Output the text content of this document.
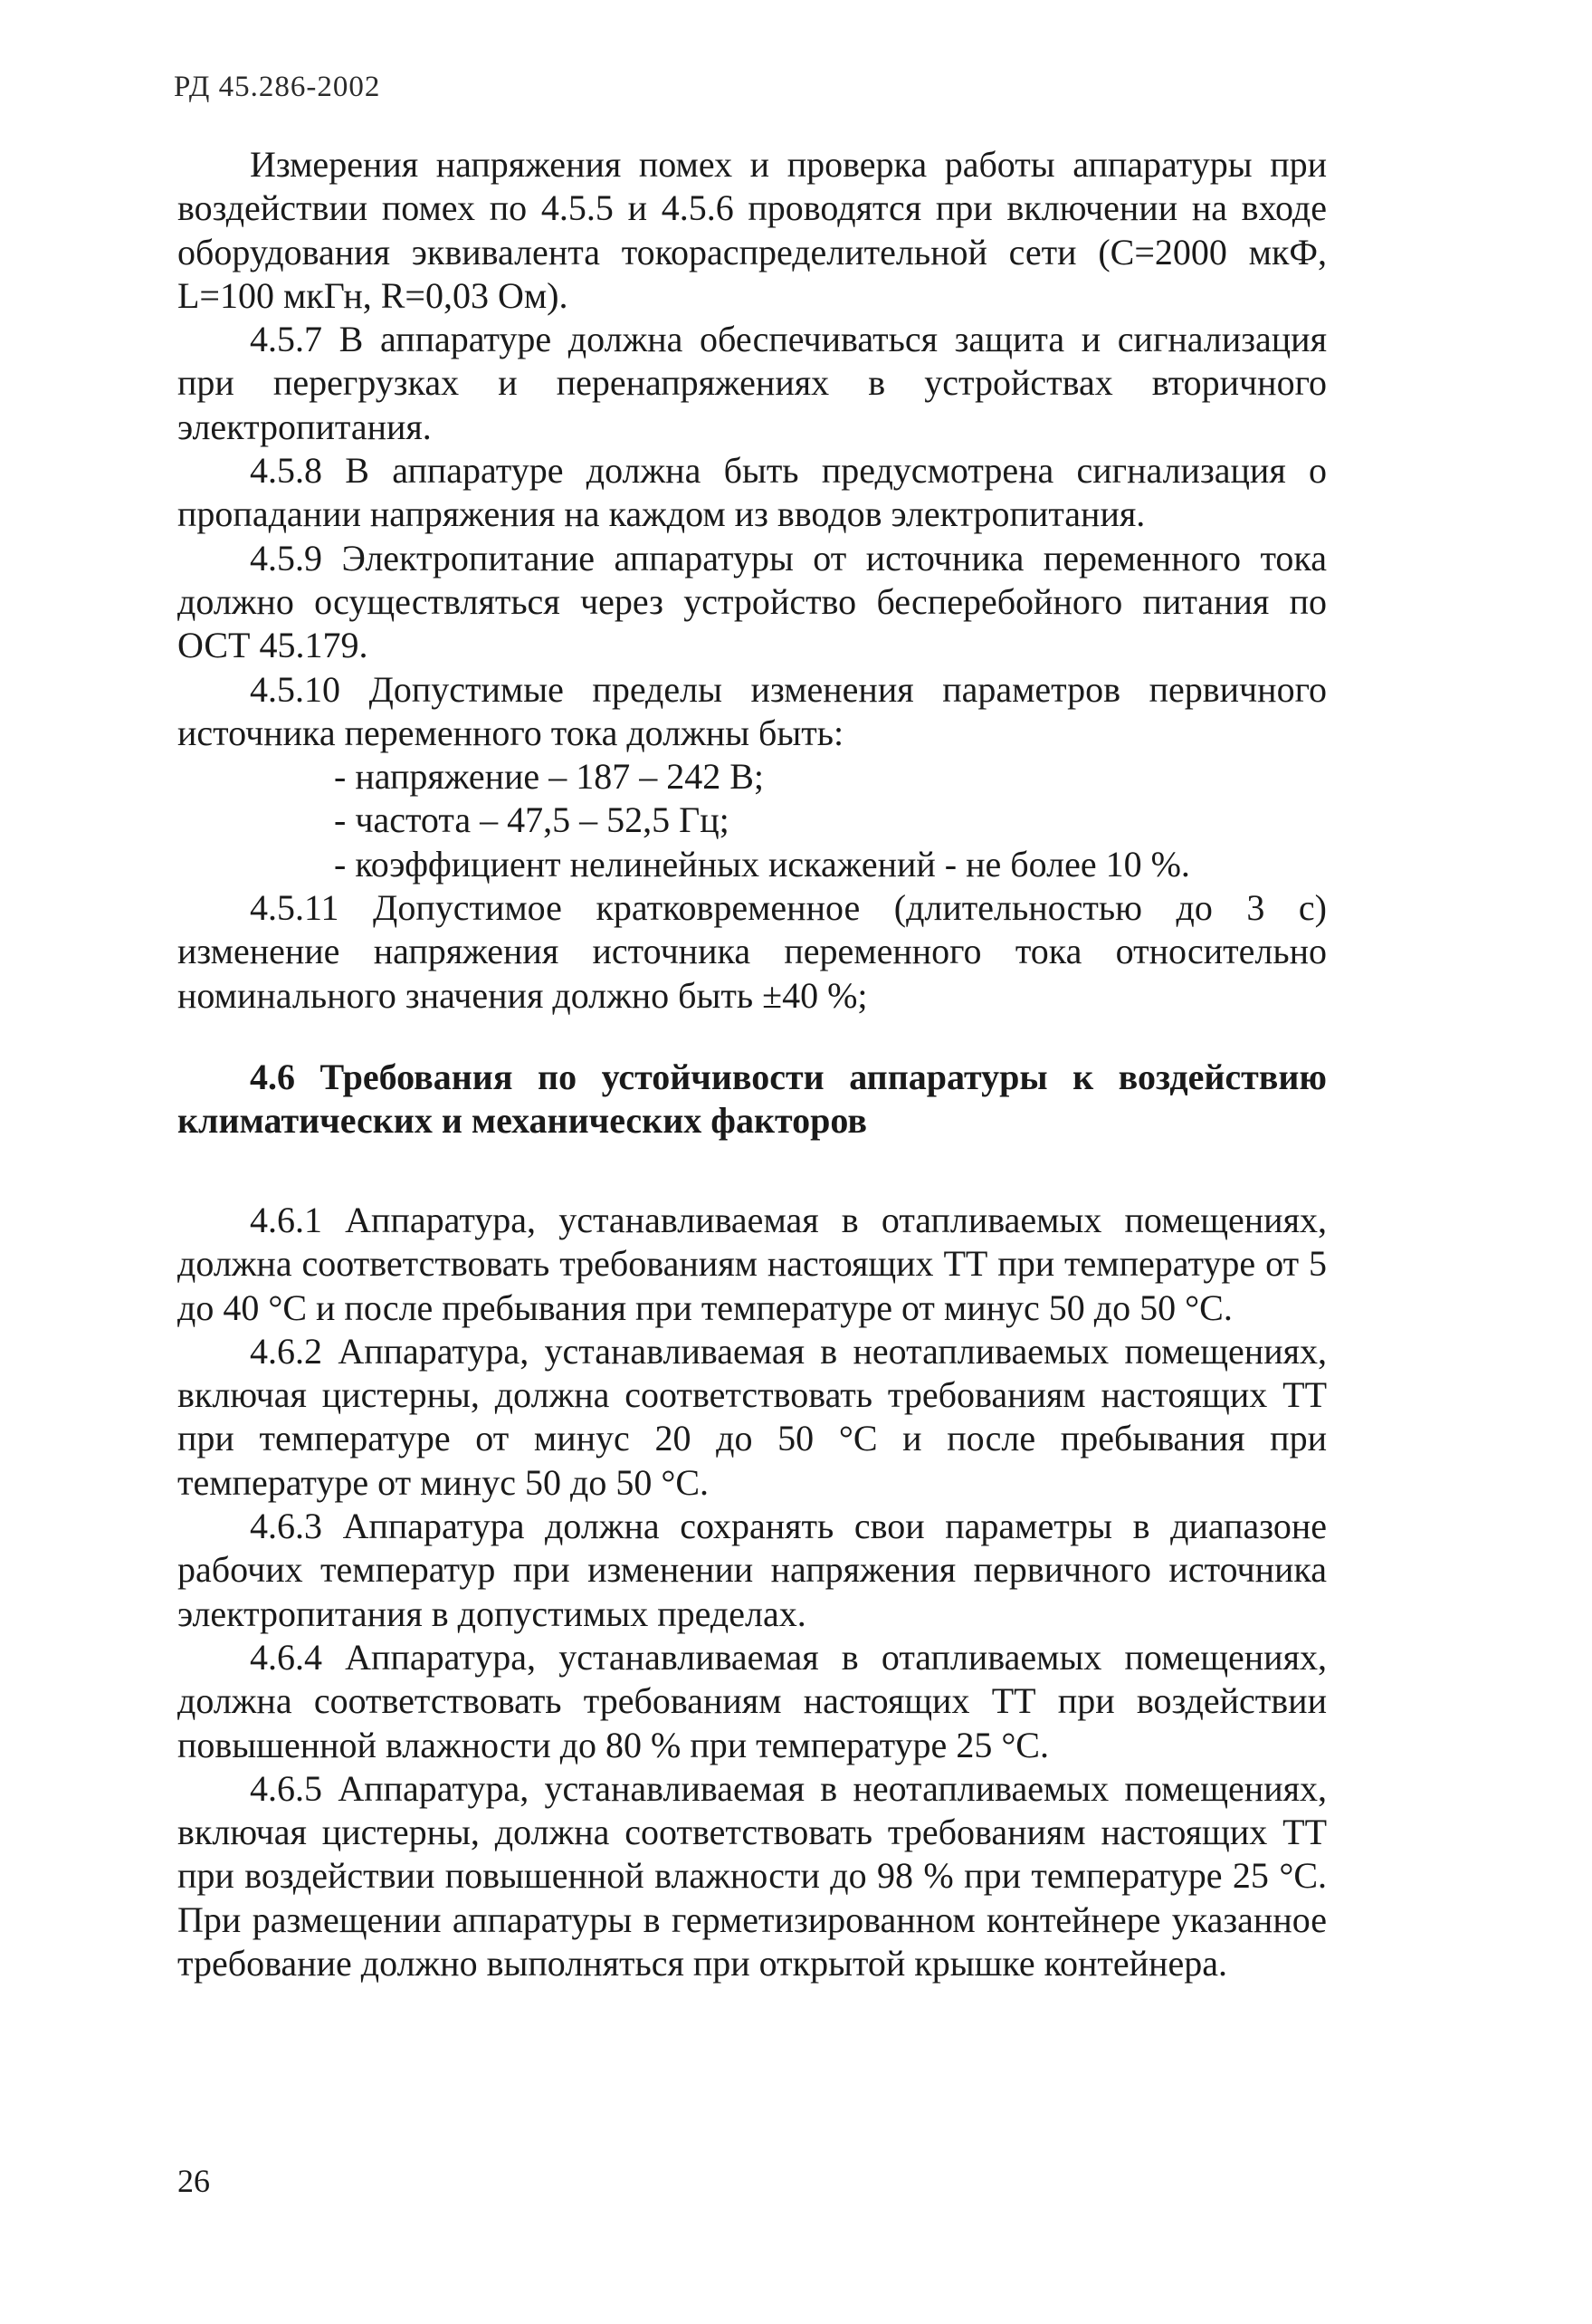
РД 45.286-2002

Измерения напряжения помех и проверка работы аппаратуры при воздействии помех по 4.5.5 и 4.5.6 проводятся при включении на входе оборудования эквивалента токораспределительной сети (С=2000 мкФ, L=100 мкГн, R=0,03 Ом).

4.5.7 В аппаратуре должна обеспечиваться защита и сигнализация при перегрузках и перенапряжениях в устройствах вторичного электропитания.

4.5.8 В аппаратуре должна быть предусмотрена сигнализация о пропадании напряжения на каждом из вводов электропитания.

4.5.9 Электропитание аппаратуры от источника переменного тока должно осуществляться через устройство бесперебойного питания по ОСТ 45.179.

4.5.10 Допустимые пределы изменения параметров первичного источника переменного тока должны быть:

- напряжение – 187 – 242 В;

- частота – 47,5 – 52,5 Гц;

- коэффициент нелинейных искажений - не более 10 %.

4.5.11 Допустимое кратковременное (длительностью до 3 с) изменение напряжения источника переменного тока относительно номинального значения должно быть ±40 %;

4.6 Требования по устойчивости аппаратуры к воздействию климатических и механических факторов

4.6.1 Аппаратура, устанавливаемая в отапливаемых помещениях, должна соответствовать требованиям настоящих ТТ при температуре от 5 до 40 °С и после пребывания при температуре от минус 50 до 50 °С.

4.6.2 Аппаратура, устанавливаемая в неотапливаемых помещениях, включая цистерны, должна соответствовать требованиям настоящих ТТ при температуре от минус 20 до 50 °С и после пребывания при температуре от минус 50 до 50 °С.

4.6.3 Аппаратура должна сохранять свои параметры в диапазоне рабочих температур при изменении напряжения первичного источника электропитания в допустимых пределах.

4.6.4 Аппаратура, устанавливаемая в отапливаемых помещениях, должна соответствовать требованиям настоящих ТТ при воздействии повышенной влажности до 80 % при температуре 25 °С.

4.6.5 Аппаратура, устанавливаемая в неотапливаемых помещениях, включая цистерны, должна соответствовать требованиям настоящих ТТ при воздействии повышенной влажности до 98 % при температуре 25 °С. При размещении аппаратуры в герметизированном контейнере указанное требование должно выполняться при открытой крышке контейнера.

26
